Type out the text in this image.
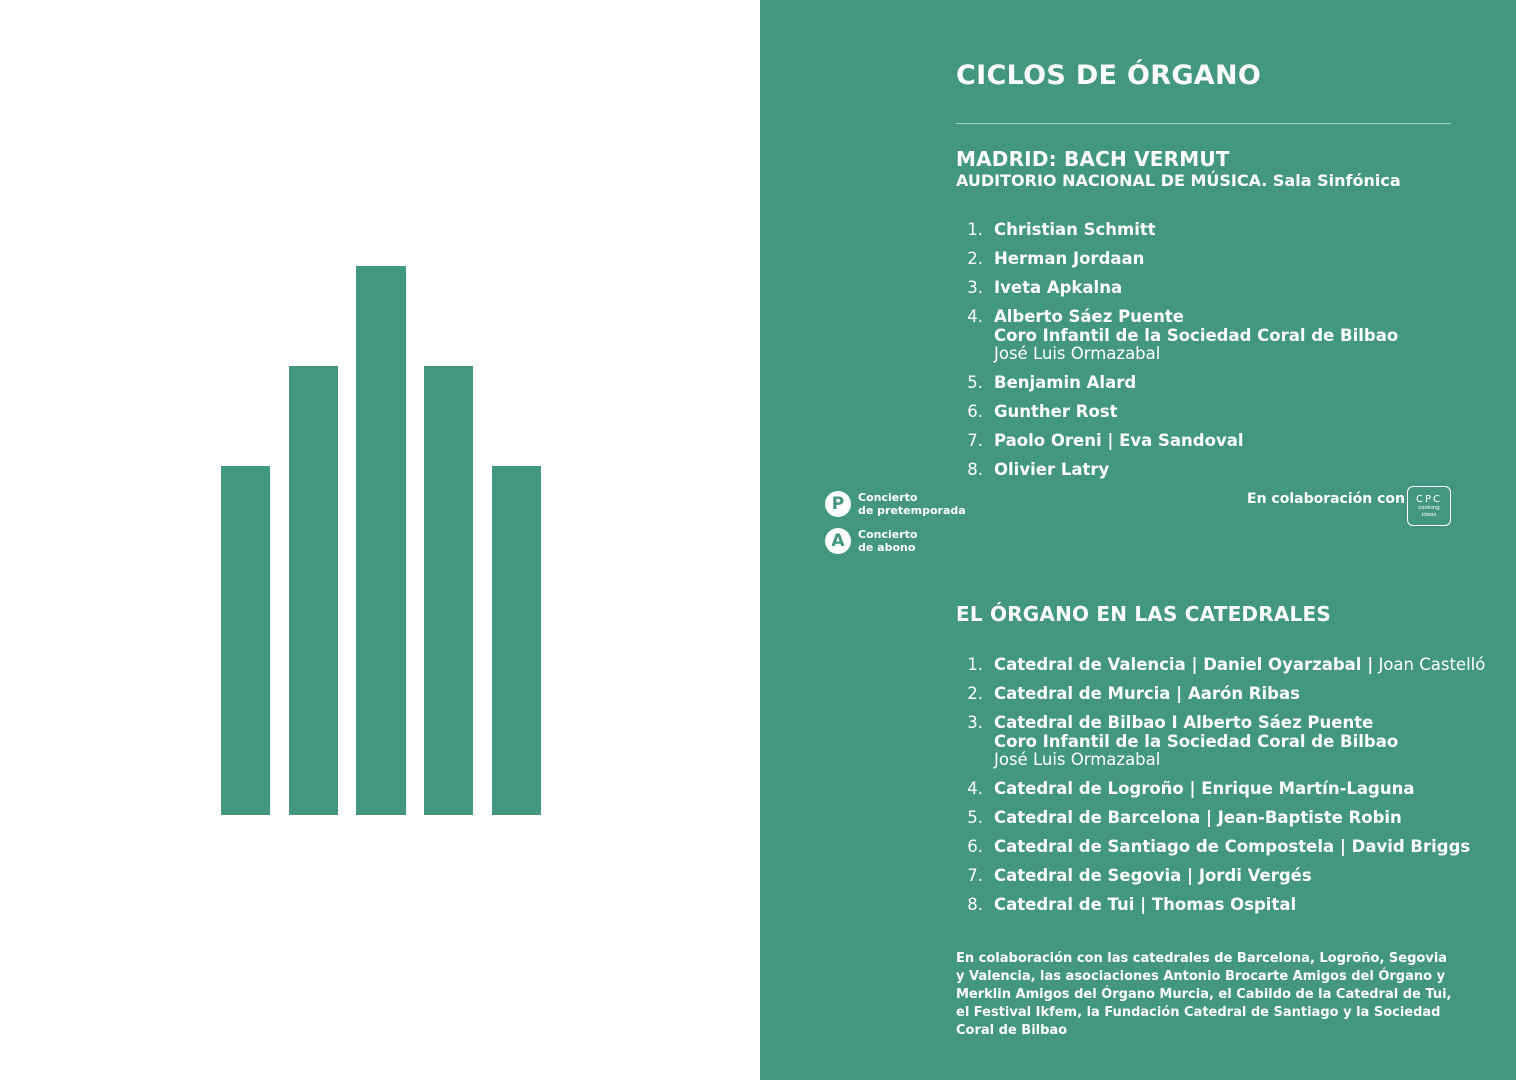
CICLOS DE ÓRGANO
MADRID: BACH VERMUT

AUDITORIO NACIONAL DE MÚSICA. Sala Sinfónica

1. Christian Schmitt
2. Herman Jordaan
3. Iveta Apkalna
4. Alberto Sáez Puente
Coro Infantil de la Sociedad Coral de Bilbao
José Luis Ormazabal
5. Benjamin Alard
6. Gunther Rost
7. Paolo Oreni | Eva Sandoval
8. Olivier Latry
P	Concierto
de pretemporada
A	Concierto
de abono
En colaboración con CPC
cooking ideas
EL ÓRGANO EN LAS CATEDRALES
1. Catedral de Valencia | Daniel Oyarzabal | Joan Castelló
2. Catedral de Murcia | Aarón Ribas
3. Catedral de Bilbao I Alberto Sáez Puente
Coro Infantil de la Sociedad Coral de Bilbao
José Luis Ormazabal
4. Catedral de Logroño | Enrique Martín-Laguna
5. Catedral de Barcelona | Jean-Baptiste Robin
6. Catedral de Santiago de Compostela | David Briggs
7. Catedral de Segovia | Jordi Vergés
8. Catedral de Tui | Thomas Ospital

En colaboración con las catedrales de Barcelona, Logroño, Segovia y Valencia, las asociaciones Antonio Brocarte Amigos del Órgano y Merklin Amigos del Órgano Murcia, el Cabildo de la Catedral de Tui, el Festival Ikfem, la Fundación Catedral de Santiago y la Sociedad Coral de Bilbao
